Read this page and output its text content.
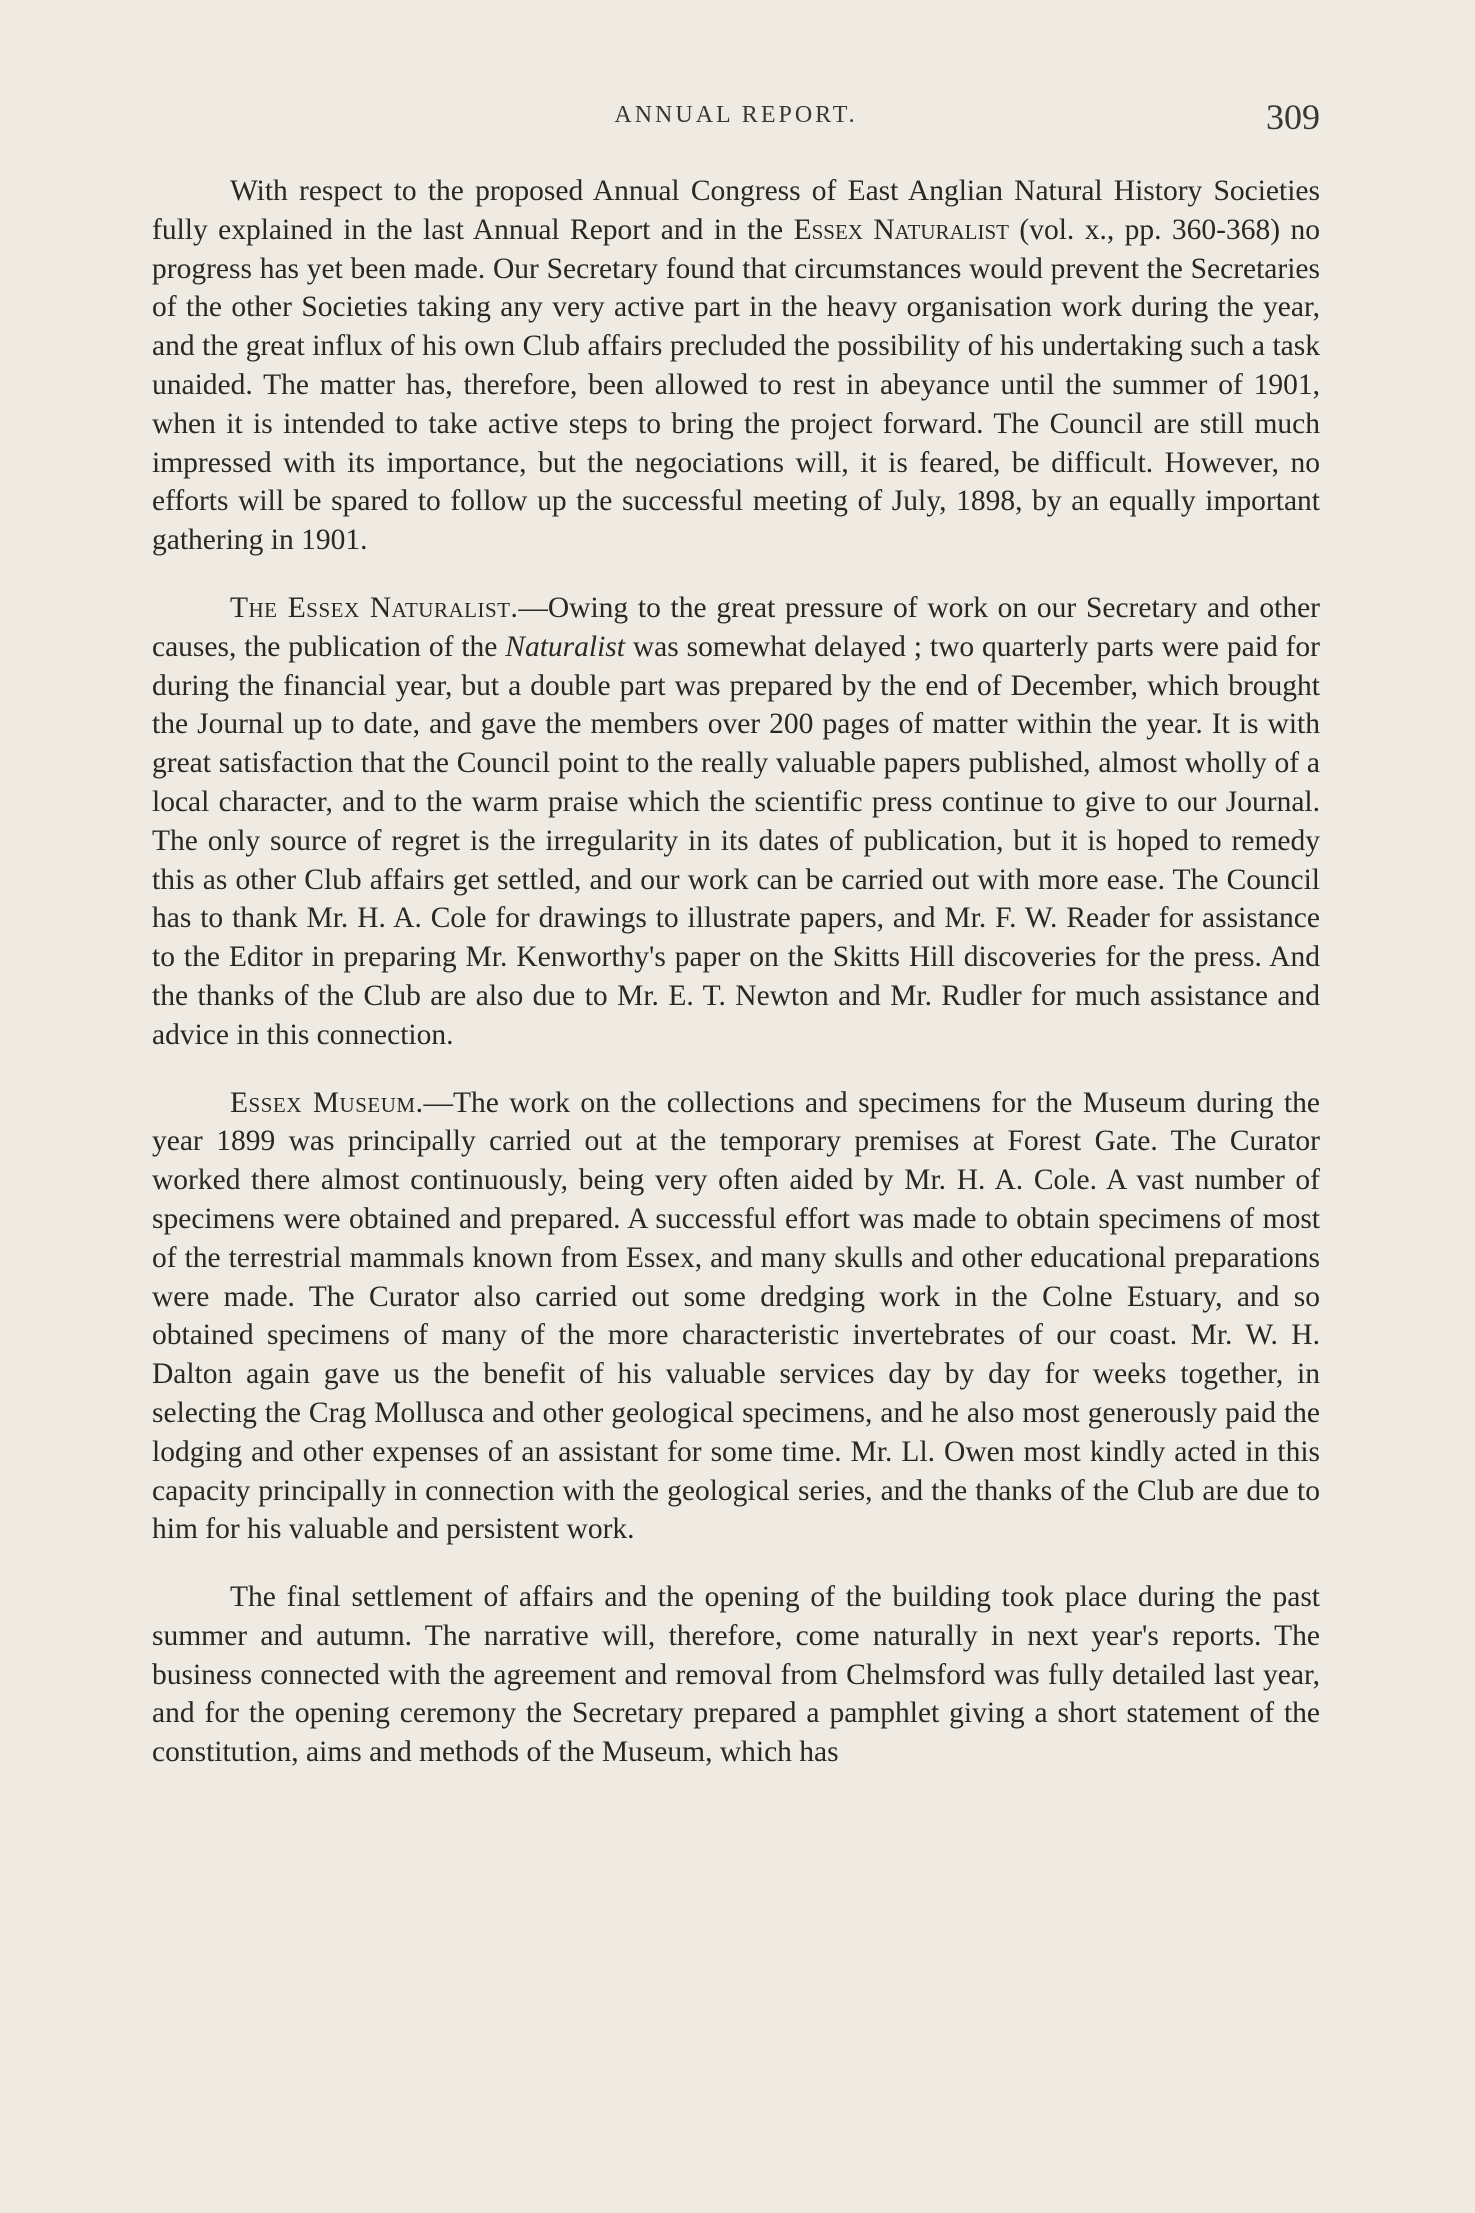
ANNUAL REPORT.	309

With respect to the proposed Annual Congress of East Anglian Natural History Societies fully explained in the last Annual Report and in the Essex Naturalist (vol. x., pp. 360-368) no progress has yet been made. Our Secretary found that circumstances would prevent the Secretaries of the other Societies taking any very active part in the heavy organisation work during the year, and the great influx of his own Club affairs precluded the possibility of his undertaking such a task unaided. The matter has, therefore, been allowed to rest in abeyance until the summer of 1901, when it is intended to take active steps to bring the project forward. The Council are still much impressed with its importance, but the negociations will, it is feared, be difficult. However, no efforts will be spared to follow up the successful meeting of July, 1898, by an equally important gathering in 1901.

The Essex Naturalist.—Owing to the great pressure of work on our Secretary and other causes, the publication of the Naturalist was somewhat delayed ; two quarterly parts were paid for during the financial year, but a double part was prepared by the end of December, which brought the Journal up to date, and gave the members over 200 pages of matter within the year. It is with great satisfaction that the Council point to the really valuable papers published, almost wholly of a local character, and to the warm praise which the scientific press continue to give to our Journal. The only source of regret is the irregularity in its dates of publication, but it is hoped to remedy this as other Club affairs get settled, and our work can be carried out with more ease. The Council has to thank Mr. H. A. Cole for drawings to illustrate papers, and Mr. F. W. Reader for assistance to the Editor in preparing Mr. Kenworthy's paper on the Skitts Hill discoveries for the press. And the thanks of the Club are also due to Mr. E. T. Newton and Mr. Rudler for much assistance and advice in this connection.

Essex Museum.—The work on the collections and specimens for the Museum during the year 1899 was principally carried out at the temporary premises at Forest Gate. The Curator worked there almost continuously, being very often aided by Mr. H. A. Cole. A vast number of specimens were obtained and prepared. A successful effort was made to obtain specimens of most of the terrestrial mammals known from Essex, and many skulls and other educational preparations were made. The Curator also carried out some dredging work in the Colne Estuary, and so obtained specimens of many of the more characteristic invertebrates of our coast. Mr. W. H. Dalton again gave us the benefit of his valuable services day by day for weeks together, in selecting the Crag Mollusca and other geological specimens, and he also most generously paid the lodging and other expenses of an assistant for some time. Mr. Ll. Owen most kindly acted in this capacity principally in connection with the geological series, and the thanks of the Club are due to him for his valuable and persistent work.

The final settlement of affairs and the opening of the building took place during the past summer and autumn. The narrative will, therefore, come naturally in next year's reports. The business connected with the agreement and removal from Chelmsford was fully detailed last year, and for the opening ceremony the Secretary prepared a pamphlet giving a short statement of the constitution, aims and methods of the Museum, which has
